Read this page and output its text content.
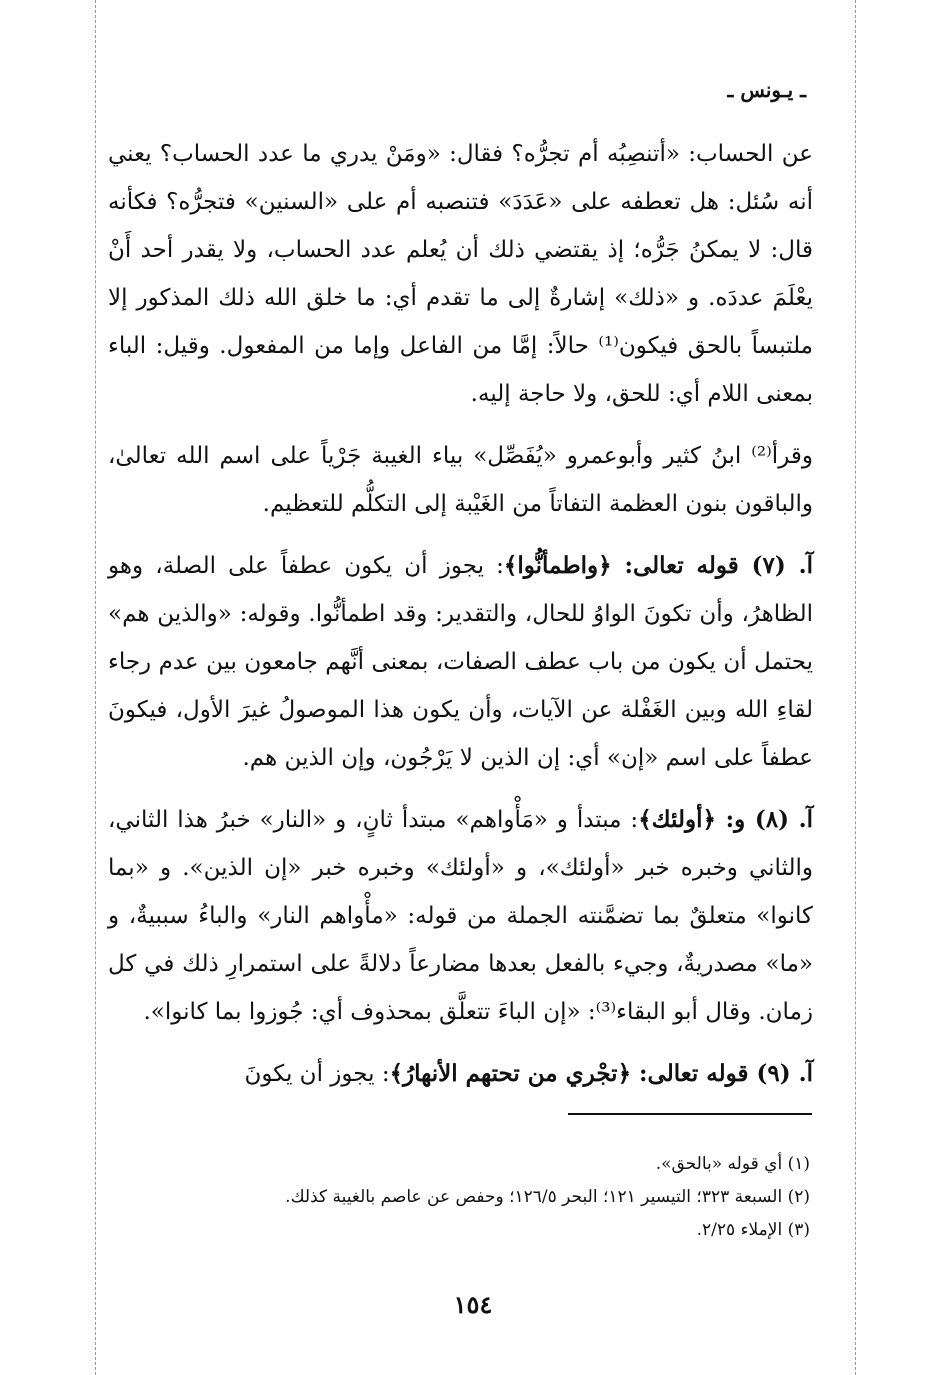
ـ يـونس ـ

عن الحساب: «أتنصِبُه أم تجرُّه؟ فقال: «ومَنْ يدري ما عدد الحساب؟ يعني أنه سُئل: هل تعطفه على «عَدَدَ» فتنصبه أم على «السنين» فتجرُّه؟ فكأنه قال: لا يمكنُ جَرُّه؛ إذ يقتضي ذلك أن يُعلم عدد الحساب، ولا يقدر أحد أَنْ يعْلَمَ عددَه. و «ذلك» إشارةٌ إلى ما تقدم أي: ما خلق الله ذلك المذكور إلا ملتبساً بالحق فيكون⁽¹⁾ حالاً: إمَّا من الفاعل وإما من المفعول. وقيل: الباء بمعنى اللام أي: للحق، ولا حاجة إليه.

وقرأ⁽²⁾ ابنُ كثير وأبوعمرو «يُفَصِّل» بياء الغيبة جَرْياً على اسم الله تعالىٰ، والباقون بنون العظمة التفاتاً من الغَيْبة إلى التكلُّم للتعظيم.

آ. (٧) قوله تعالى: ﴿واطمأنُّوا﴾: يجوز أن يكون عطفاً على الصلة، وهو الظاهرُ، وأن تكونَ الواوُ للحال، والتقدير: وقد اطمأنُّوا. وقوله: «والذين هم» يحتمل أن يكون من باب عطف الصفات، بمعنى أنَّهم جامعون بين عدم رجاء لقاءِ الله وبين الغَفْلة عن الآيات، وأن يكون هذا الموصولُ غيرَ الأول، فيكونَ عطفاً على اسم «إن» أي: إن الذين لا يَرْجُون، وإن الذين هم.

آ. (٨) و: ﴿أولئك﴾: مبتدأ و «مَأْواهم» مبتدأ ثانٍ، و «النار» خبرُ هذا الثاني، والثاني وخبره خبر «أولئك»، و «أولئك» وخبره خبر «إن الذين». و «بما كانوا» متعلقٌ بما تضمَّنته الجملة من قوله: «مأْواهم النار» والباءُ سببيةٌ، و «ما» مصدريةٌ، وجيء بالفعل بعدها مضارعاً دلالةً على استمرارِ ذلك في كل زمان. وقال أبو البقاء⁽³⁾: «إن الباءَ تتعلَّق بمحذوف أي: جُوزوا بما كانوا».

آ. (٩) قوله تعالى: ﴿تجْري من تحتهم الأنهارُ﴾: يجوز أن يكونَ

(١) أي قوله «بالحق».
(٢) السبعة ٣٢٣؛ التيسير ١٢١؛ البحر ١٢٦/٥؛ وحفص عن عاصم بالغيبة كذلك.
(٣) الإملاء ٢/٢٥.
١٥٤
